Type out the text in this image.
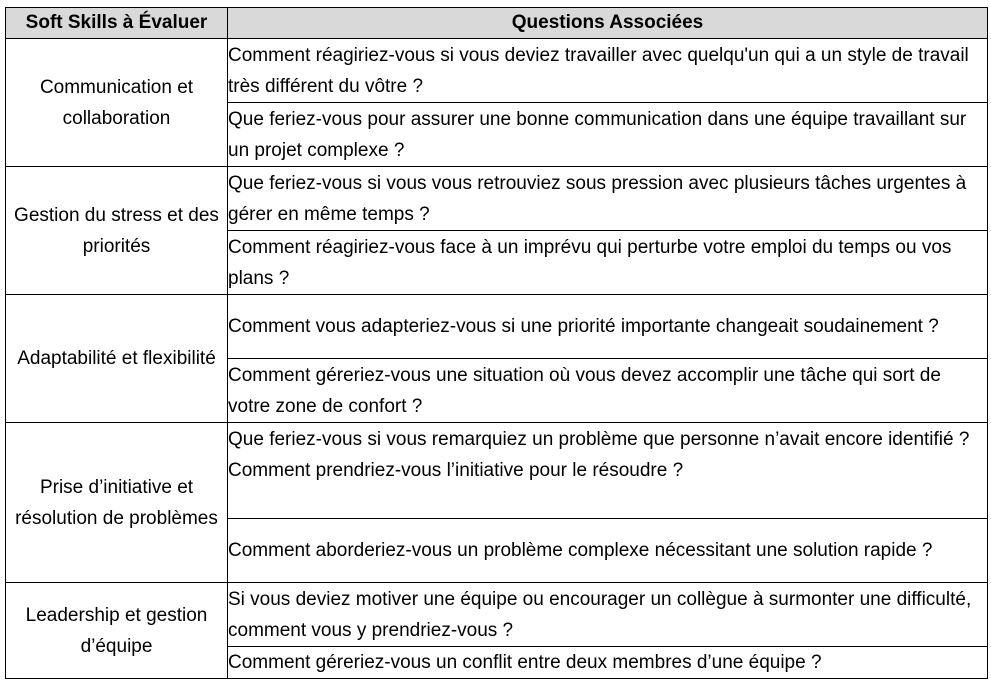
Soft Skills à Évaluer	Questions Associées
Communication et collaboration	Comment réagiriez-vous si vous deviez travailler avec quelqu'un qui a un style de travail très différent du vôtre ?
	Que feriez-vous pour assurer une bonne communication dans une équipe travaillant sur un projet complexe ?
Gestion du stress et des priorités	Que feriez-vous si vous vous retrouviez sous pression avec plusieurs tâches urgentes à gérer en même temps ?
	Comment réagiriez-vous face à un imprévu qui perturbe votre emploi du temps ou vos plans ?
Adaptabilité et flexibilité	Comment vous adapteriez-vous si une priorité importante changeait soudainement ?
	Comment géreriez-vous une situation où vous devez accomplir une tâche qui sort de votre zone de confort ?
Prise d’initiative et résolution de problèmes	Que feriez-vous si vous remarquiez un problème que personne n’avait encore identifié ? Comment prendriez-vous l’initiative pour le résoudre ?
	Comment aborderiez-vous un problème complexe nécessitant une solution rapide ?
Leadership et gestion d’équipe	Si vous deviez motiver une équipe ou encourager un collègue à surmonter une difficulté, comment vous y prendriez-vous ?
	Comment géreriez-vous un conflit entre deux membres d’une équipe ?
